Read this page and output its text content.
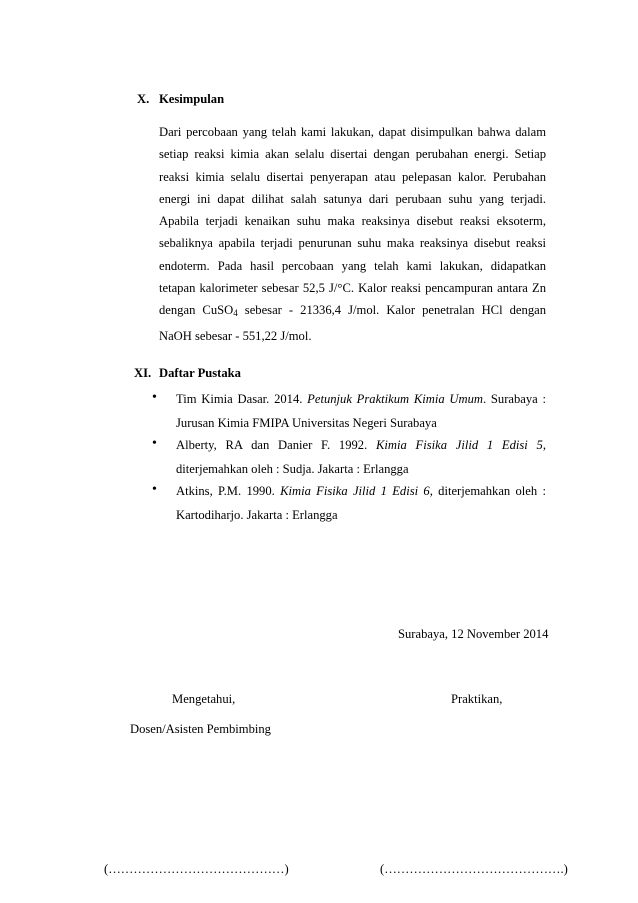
X. Kesimpulan
Dari percobaan yang telah kami lakukan, dapat disimpulkan bahwa dalam setiap reaksi kimia akan selalu disertai dengan perubahan energi. Setiap reaksi kimia selalu disertai penyerapan atau pelepasan kalor. Perubahan energi ini dapat dilihat salah satunya dari perubaan suhu yang terjadi. Apabila terjadi kenaikan suhu maka reaksinya disebut reaksi eksoterm, sebaliknya apabila terjadi penurunan suhu maka reaksinya disebut reaksi endoterm. Pada hasil percobaan yang telah kami lakukan, didapatkan tetapan kalorimeter sebesar 52,5 J/°C. Kalor reaksi pencampuran antara Zn dengan CuSO$_4$ sebesar - 21336,4 J/mol. Kalor penetralan HCl dengan NaOH sebesar - 551,22 J/mol.
XI. Daftar Pustaka
• Tim Kimia Dasar. 2014. Petunjuk Praktikum Kimia Umum. Surabaya : Jurusan Kimia FMIPA Universitas Negeri Surabaya
• Alberty, RA dan Danier F. 1992. Kimia Fisika Jilid 1 Edisi 5, diterjemahkan oleh : Sudja. Jakarta : Erlangga
• Atkins, P.M. 1990. Kimia Fisika Jilid 1 Edisi 6, diterjemahkan oleh : Kartodiharjo. Jakarta : Erlangga
Surabaya, 12 November 2014
Mengetahui,	Praktikan,
Dosen/Asisten Pembimbing
(……………………………………)	(…………………………………….)
